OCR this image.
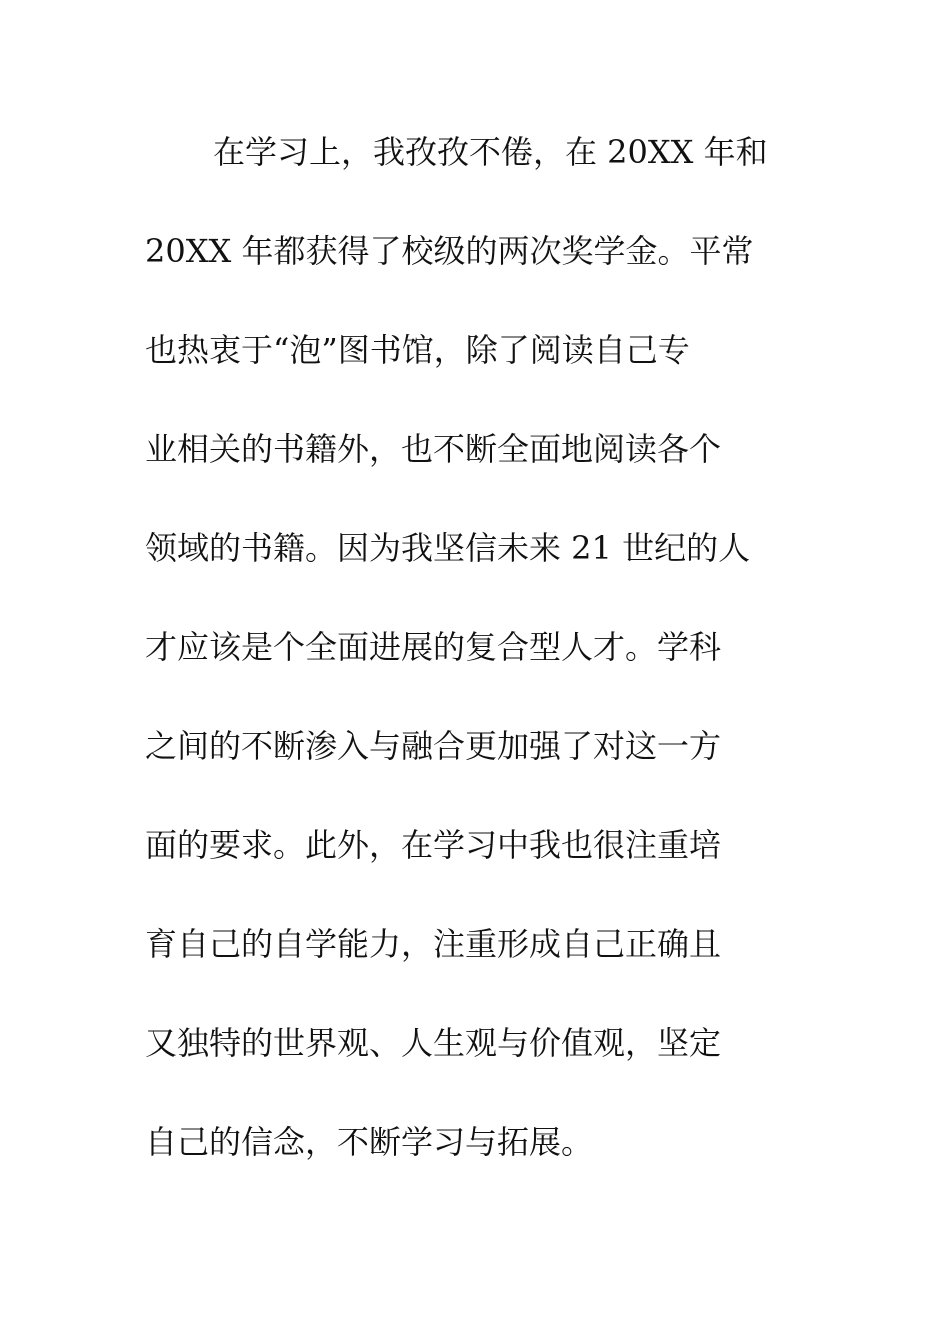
在学习上，我孜孜不倦，在 20XX 年和
20XX 年都获得了校级的两次奖学金。平常
也热衷于“泡”图书馆，除了阅读自己专
业相关的书籍外，也不断全面地阅读各个
领域的书籍。因为我坚信未来 21 世纪的人
才应该是个全面进展的复合型人才。学科
之间的不断渗入与融合更加强了对这一方
面的要求。此外，在学习中我也很注重培
育自己的自学能力，注重形成自己正确且
又独特的世界观、人生观与价值观，坚定
自己的信念，不断学习与拓展。
